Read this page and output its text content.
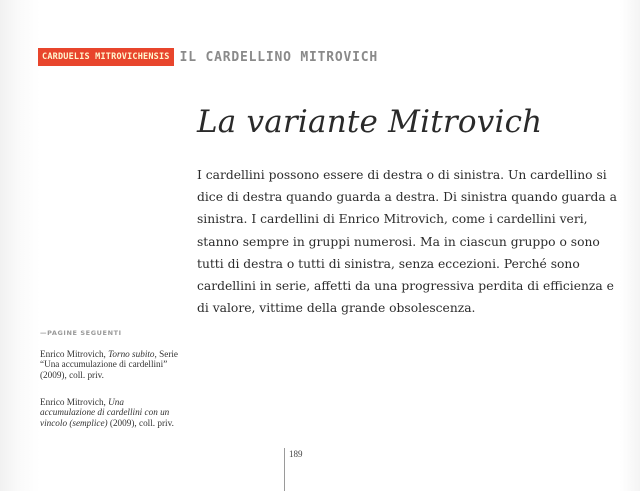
CARDUELIS MITROVICHENSIS IL CARDELLINO MITROVICH
La variante Mitrovich

I cardellini possono essere di destra o di sinistra. Un cardellino si dice di destra quando guarda a destra. Di sinistra quando guarda a sinistra. I cardellini di Enrico Mitrovich, come i cardellini veri, stanno sempre in gruppi numerosi. Ma in ciascun gruppo o sono tutti di destra o tutti di sinistra, senza eccezioni. Perché sono cardellini in serie, affetti da una progressiva perdita di efficienza e di valore, vittime della grande obsolescenza.

—PAGINE SEGUENTI

Enrico Mitrovich, Torno subito, Serie “Una accumulazione di cardellini” (2009), coll. priv.

Enrico Mitrovich, Una accumulazione di cardellini con un vincolo (semplice) (2009), coll. priv.

189
